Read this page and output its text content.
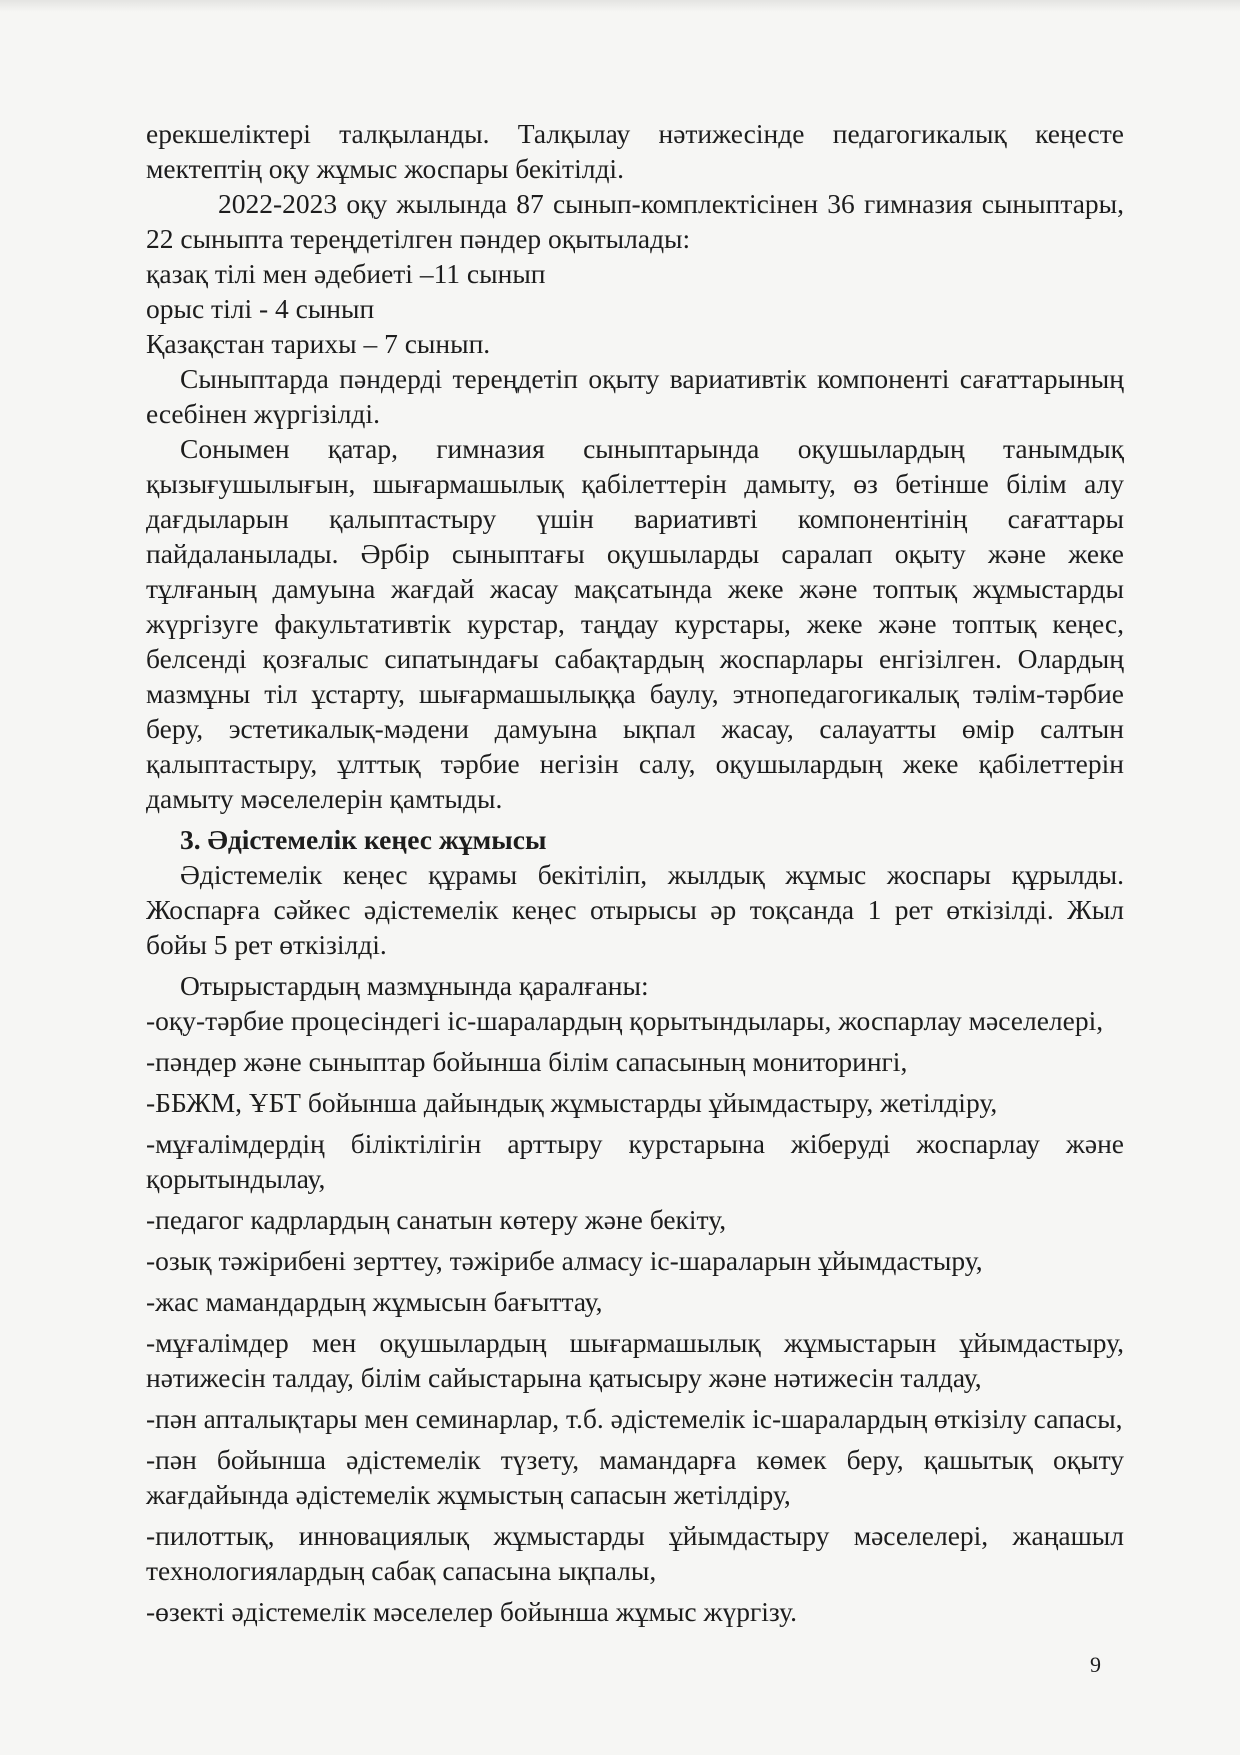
ерекшеліктері талқыланды. Талқылау нәтижесінде педагогикалық кеңесте мектептің оқу жұмыс жоспары бекітілді.

2022-2023 оқу жылында 87 сынып-комплектісінен 36 гимназия сыныптары, 22 сыныпта тереңдетілген пәндер оқытылады:

қазақ тілі мен әдебиеті –11 сынып

орыс тілі - 4 сынып

Қазақстан тарихы – 7 сынып.

Сыныптарда пәндерді тереңдетіп оқыту вариативтік компоненті сағаттарының есебінен жүргізілді.

Сонымен қатар, гимназия сыныптарында оқушылардың танымдық қызығушылығын, шығармашылық қабілеттерін дамыту, өз бетінше білім алу дағдыларын қалыптастыру үшін вариативті компонентінің сағаттары пайдаланылады. Әрбір сыныптағы оқушыларды саралап оқыту және жеке тұлғаның дамуына жағдай жасау мақсатында жеке және топтық жұмыстарды жүргізуге факультативтік курстар, таңдау курстары, жеке және топтық кеңес, белсенді қозғалыс сипатындағы сабақтардың жоспарлары енгізілген. Олардың мазмұны тіл ұстарту, шығармашылыққа баулу, этнопедагогикалық тәлім-тәрбие беру, эстетикалық-мәдени дамуына ықпал жасау, салауатты өмір салтын қалыптастыру, ұлттық тәрбие негізін салу, оқушылардың жеке қабілеттерін дамыту мәселелерін қамтыды.

3. Әдістемелік кеңес жұмысы

Әдістемелік кеңес құрамы бекітіліп, жылдық жұмыс жоспары құрылды. Жоспарға сәйкес әдістемелік кеңес отырысы әр тоқсанда 1 рет өткізілді. Жыл бойы 5 рет өткізілді.

Отырыстардың мазмұнында қаралғаны:

-оқу-тәрбие процесіндегі іс-шаралардың қорытындылары, жоспарлау мәселелері,

-пәндер және сыныптар бойынша білім сапасының мониторингі,

-ББЖМ, ҰБТ бойынша дайындық жұмыстарды ұйымдастыру, жетілдіру,

-мұғалімдердің біліктілігін арттыру курстарына жіберуді жоспарлау және қорытындылау,

-педагог кадрлардың санатын көтеру және бекіту,

-озық тәжірибені зерттеу, тәжірибе алмасу іс-шараларын ұйымдастыру,

-жас мамандардың жұмысын бағыттау,

-мұғалімдер мен оқушылардың шығармашылық жұмыстарын ұйымдастыру, нәтижесін талдау, білім сайыстарына қатысыру және нәтижесін талдау,

-пән апталықтары мен семинарлар, т.б. әдістемелік іс-шаралардың өткізілу сапасы,

-пән бойынша әдістемелік түзету, мамандарға көмек беру, қашытық оқыту жағдайында әдістемелік жұмыстың сапасын жетілдіру,

-пилоттық, инновациялық жұмыстарды ұйымдастыру мәселелері, жаңашыл технологиялардың сабақ сапасына ықпалы,

-өзекті әдістемелік мәселелер бойынша жұмыс жүргізу.

9
